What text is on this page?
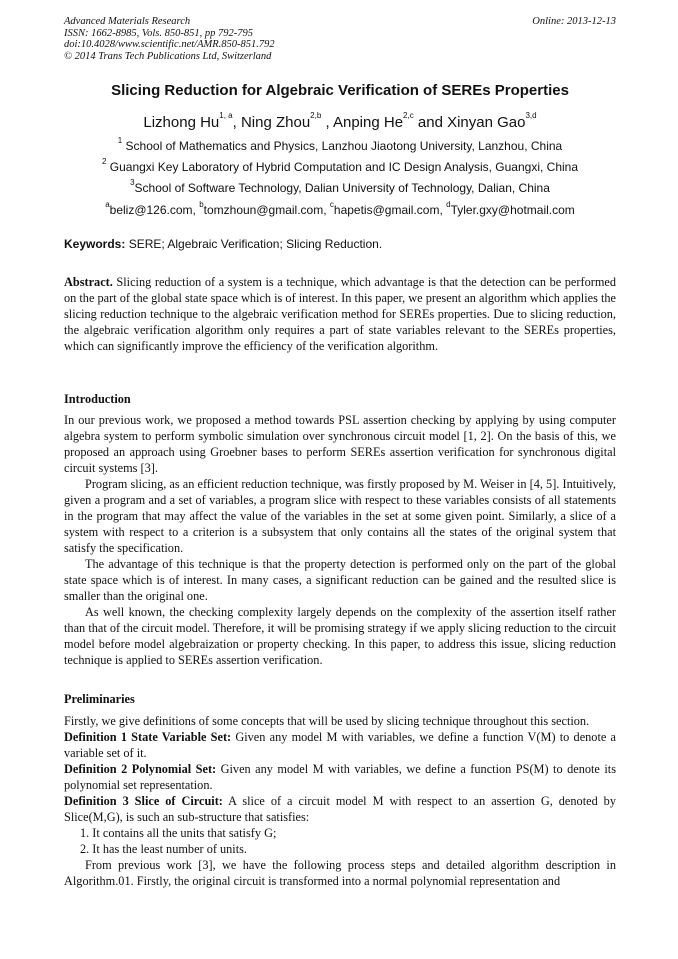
Advanced Materials Research
ISSN: 1662-8985, Vols. 850-851, pp 792-795
doi:10.4028/www.scientific.net/AMR.850-851.792
© 2014 Trans Tech Publications Ltd, Switzerland
Online: 2013-12-13
Slicing Reduction for Algebraic Verification of SEREs Properties
Lizhong Hu$^{1, a}$, Ning Zhou$^{2,b}$ , Anping He$^{2,c}$ and Xinyan Gao$^{3,d}$
$^1$ School of Mathematics and Physics, Lanzhou Jiaotong University, Lanzhou, China
$^2$ Guangxi Key Laboratory of Hybrid Computation and IC Design Analysis, Guangxi, China
$^3$School of Software Technology, Dalian University of Technology, Dalian, China
$^a$beliz@126.com, $^b$tomzhoun@gmail.com, $^c$hapetis@gmail.com, $^d$Tyler.gxy@hotmail.com
Keywords: SERE; Algebraic Verification; Slicing Reduction.

Abstract. Slicing reduction of a system is a technique, which advantage is that the detection can be performed on the part of the global state space which is of interest. In this paper, we present an algorithm which applies the slicing reduction technique to the algebraic verification method for SEREs properties. Due to slicing reduction, the algebraic verification algorithm only requires a part of state variables relevant to the SEREs properties, which can significantly improve the efficiency of the verification algorithm.

Introduction

In our previous work, we proposed a method towards PSL assertion checking by applying by using computer algebra system to perform symbolic simulation over synchronous circuit model [1, 2]. On the basis of this, we proposed an approach using Groebner bases to perform SEREs assertion verification for synchronous digital circuit systems [3].

Program slicing, as an efficient reduction technique, was firstly proposed by M. Weiser in [4, 5]. Intuitively, given a program and a set of variables, a program slice with respect to these variables consists of all statements in the program that may affect the value of the variables in the set at some given point. Similarly, a slice of a system with respect to a criterion is a subsystem that only contains all the states of the original system that satisfy the specification.

The advantage of this technique is that the property detection is performed only on the part of the global state space which is of interest. In many cases, a significant reduction can be gained and the resulted slice is smaller than the original one.

As well known, the checking complexity largely depends on the complexity of the assertion itself rather than that of the circuit model. Therefore, it will be promising strategy if we apply slicing reduction to the circuit model before model algebraization or property checking. In this paper, to address this issue, slicing reduction technique is applied to SEREs assertion verification.

Preliminaries

Firstly, we give definitions of some concepts that will be used by slicing technique throughout this section.

Definition 1 State Variable Set: Given any model M with variables, we define a function V(M) to denote a variable set of it.

Definition 2 Polynomial Set: Given any model M with variables, we define a function PS(M) to denote its polynomial set representation.

Definition 3 Slice of Circuit: A slice of a circuit model M with respect to an assertion G, denoted by Slice(M,G), is such an sub-structure that satisfies:

1. It contains all the units that satisfy G;

2. It has the least number of units.

From previous work [3], we have the following process steps and detailed algorithm description in Algorithm.01. Firstly, the original circuit is transformed into a normal polynomial representation and
